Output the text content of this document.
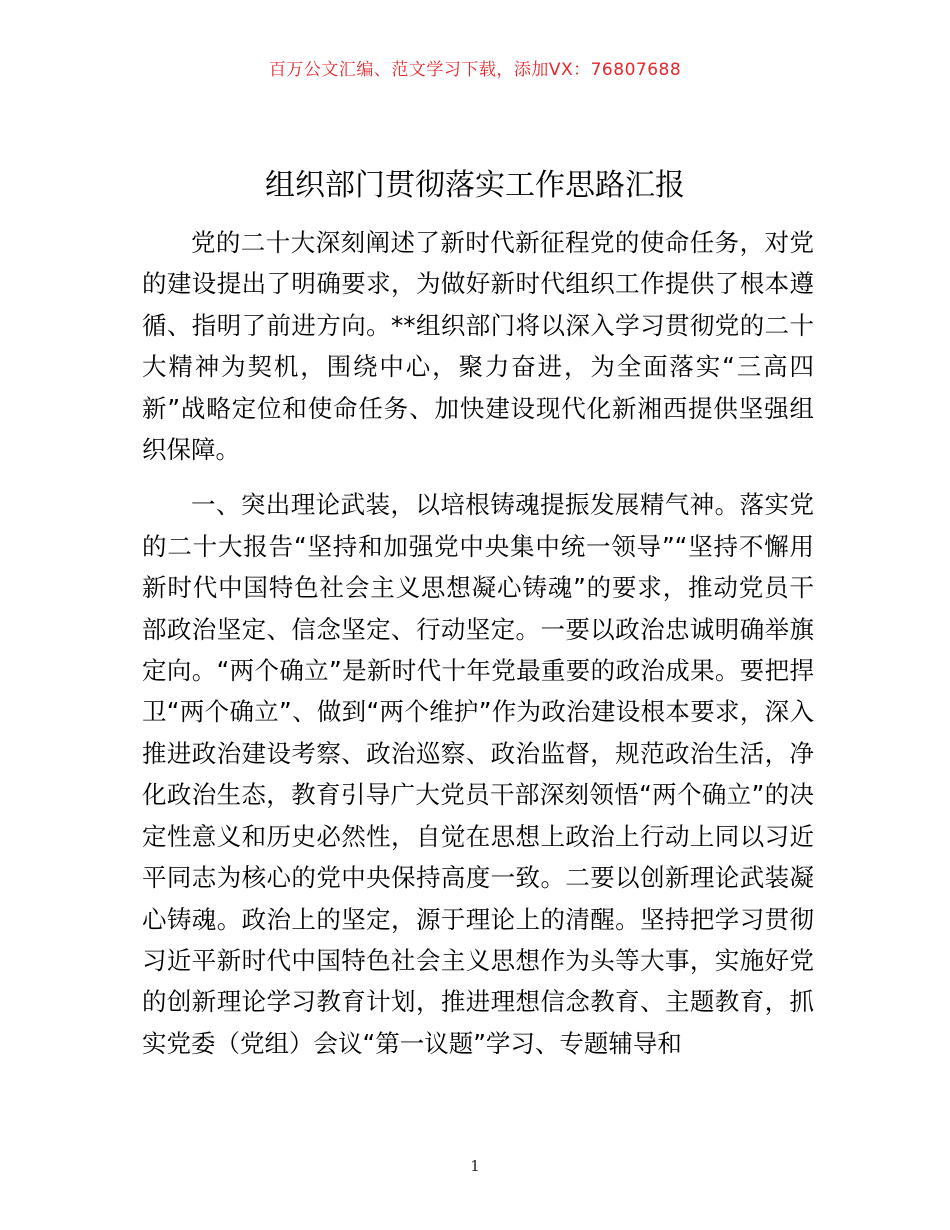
百万公文汇编、范文学习下载，添加VX：76807688
组织部门贯彻落实工作思路汇报

党的二十大深刻阐述了新时代新征程党的使命任务，对党的建设提出了明确要求，为做好新时代组织工作提供了根本遵循、指明了前进方向。**组织部门将以深入学习贯彻党的二十大精神为契机，围绕中心，聚力奋进，为全面落实“三高四新”战略定位和使命任务、加快建设现代化新湘西提供坚强组织保障。

一、突出理论武装，以培根铸魂提振发展精气神。落实党的二十大报告“坚持和加强党中央集中统一领导”“坚持不懈用新时代中国特色社会主义思想凝心铸魂”的要求，推动党员干部政治坚定、信念坚定、行动坚定。一要以政治忠诚明确举旗定向。“两个确立”是新时代十年党最重要的政治成果。要把捍卫“两个确立”、做到“两个维护”作为政治建设根本要求，深入推进政治建设考察、政治巡察、政治监督，规范政治生活，净化政治生态，教育引导广大党员干部深刻领悟“两个确立”的决定性意义和历史必然性，自觉在思想上政治上行动上同以习近平同志为核心的党中央保持高度一致。二要以创新理论武装凝心铸魂。政治上的坚定，源于理论上的清醒。坚持把学习贯彻习近平新时代中国特色社会主义思想作为头等大事，实施好党的创新理论学习教育计划，推进理想信念教育、主题教育，抓实党委（党组）会议“第一议题”学习、专题辅导和

1
